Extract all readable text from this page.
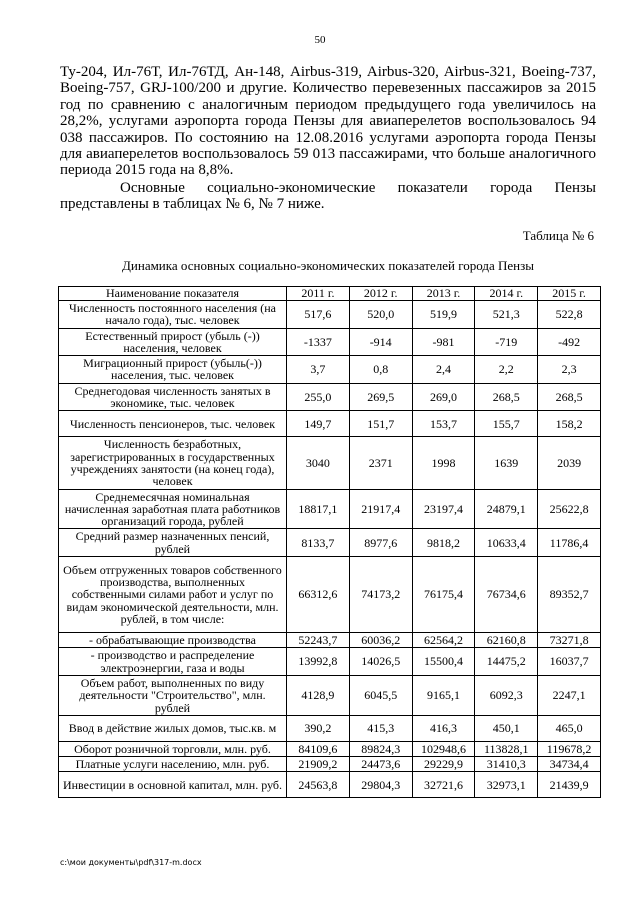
50

Ту-204, Ил-76Т, Ил-76ТД, Ан-148, Airbus-319, Airbus-320, Airbus-321, Boeing-737, Boeing-757, GRJ-100/200 и другие. Количество перевезенных пассажиров за 2015 год по сравнению с аналогичным периодом предыдущего года увеличилось на 28,2%, услугами аэропорта города Пензы для авиаперелетов воспользовалось 94 038 пассажиров. По состоянию на 12.08.2016 услугами аэропорта города Пензы для авиаперелетов воспользовалось 59 013 пассажирами, что больше аналогичного периода 2015 года на 8,8%.

Основные социально-экономические показатели города Пензы представлены в таблицах № 6, № 7 ниже.

Таблица № 6
Динамика основных социально-экономических показателей города Пензы
Наименование показателя	2011 г.	2012 г.	2013 г.	2014 г.	2015 г.
Численность постоянного населения (на начало года), тыс. человек	517,6	520,0	519,9	521,3	522,8
Естественный прирост (убыль (-)) населения, человек	-1337	-914	-981	-719	-492
Миграционный прирост (убыль(-)) населения, тыс. человек	3,7	0,8	2,4	2,2	2,3
Среднегодовая численность занятых в экономике, тыс. человек	255,0	269,5	269,0	268,5	268,5
Численность пенсионеров, тыс. человек	149,7	151,7	153,7	155,7	158,2
Численность безработных, зарегистрированных в государственных учреждениях занятости (на конец года), человек	3040	2371	1998	1639	2039
Среднемесячная номинальная начисленная заработная плата работников организаций города, рублей	18817,1	21917,4	23197,4	24879,1	25622,8
Средний размер назначенных пенсий, рублей	8133,7	8977,6	9818,2	10633,4	11786,4
Объем отгруженных товаров собственного производства, выполненных собственными силами работ и услуг по видам экономической деятельности, млн. рублей, в том числе:	66312,6	74173,2	76175,4	76734,6	89352,7
- обрабатывающие производства	52243,7	60036,2	62564,2	62160,8	73271,8
- производство и распределение электроэнергии, газа и воды	13992,8	14026,5	15500,4	14475,2	16037,7
Объем работ, выполненных по виду деятельности "Строительство", млн. рублей	4128,9	6045,5	9165,1	6092,3	2247,1
Ввод в действие жилых домов, тыс.кв. м	390,2	415,3	416,3	450,1	465,0
Оборот розничной торговли, млн. руб.	84109,6	89824,3	102948,6	113828,1	119678,2
Платные услуги населению, млн. руб.	21909,2	24473,6	29229,9	31410,3	34734,4
Инвестиции в основной капитал, млн. руб.	24563,8	29804,3	32721,6	32973,1	21439,9
c:\мои документы\pdf\317-m.docx
